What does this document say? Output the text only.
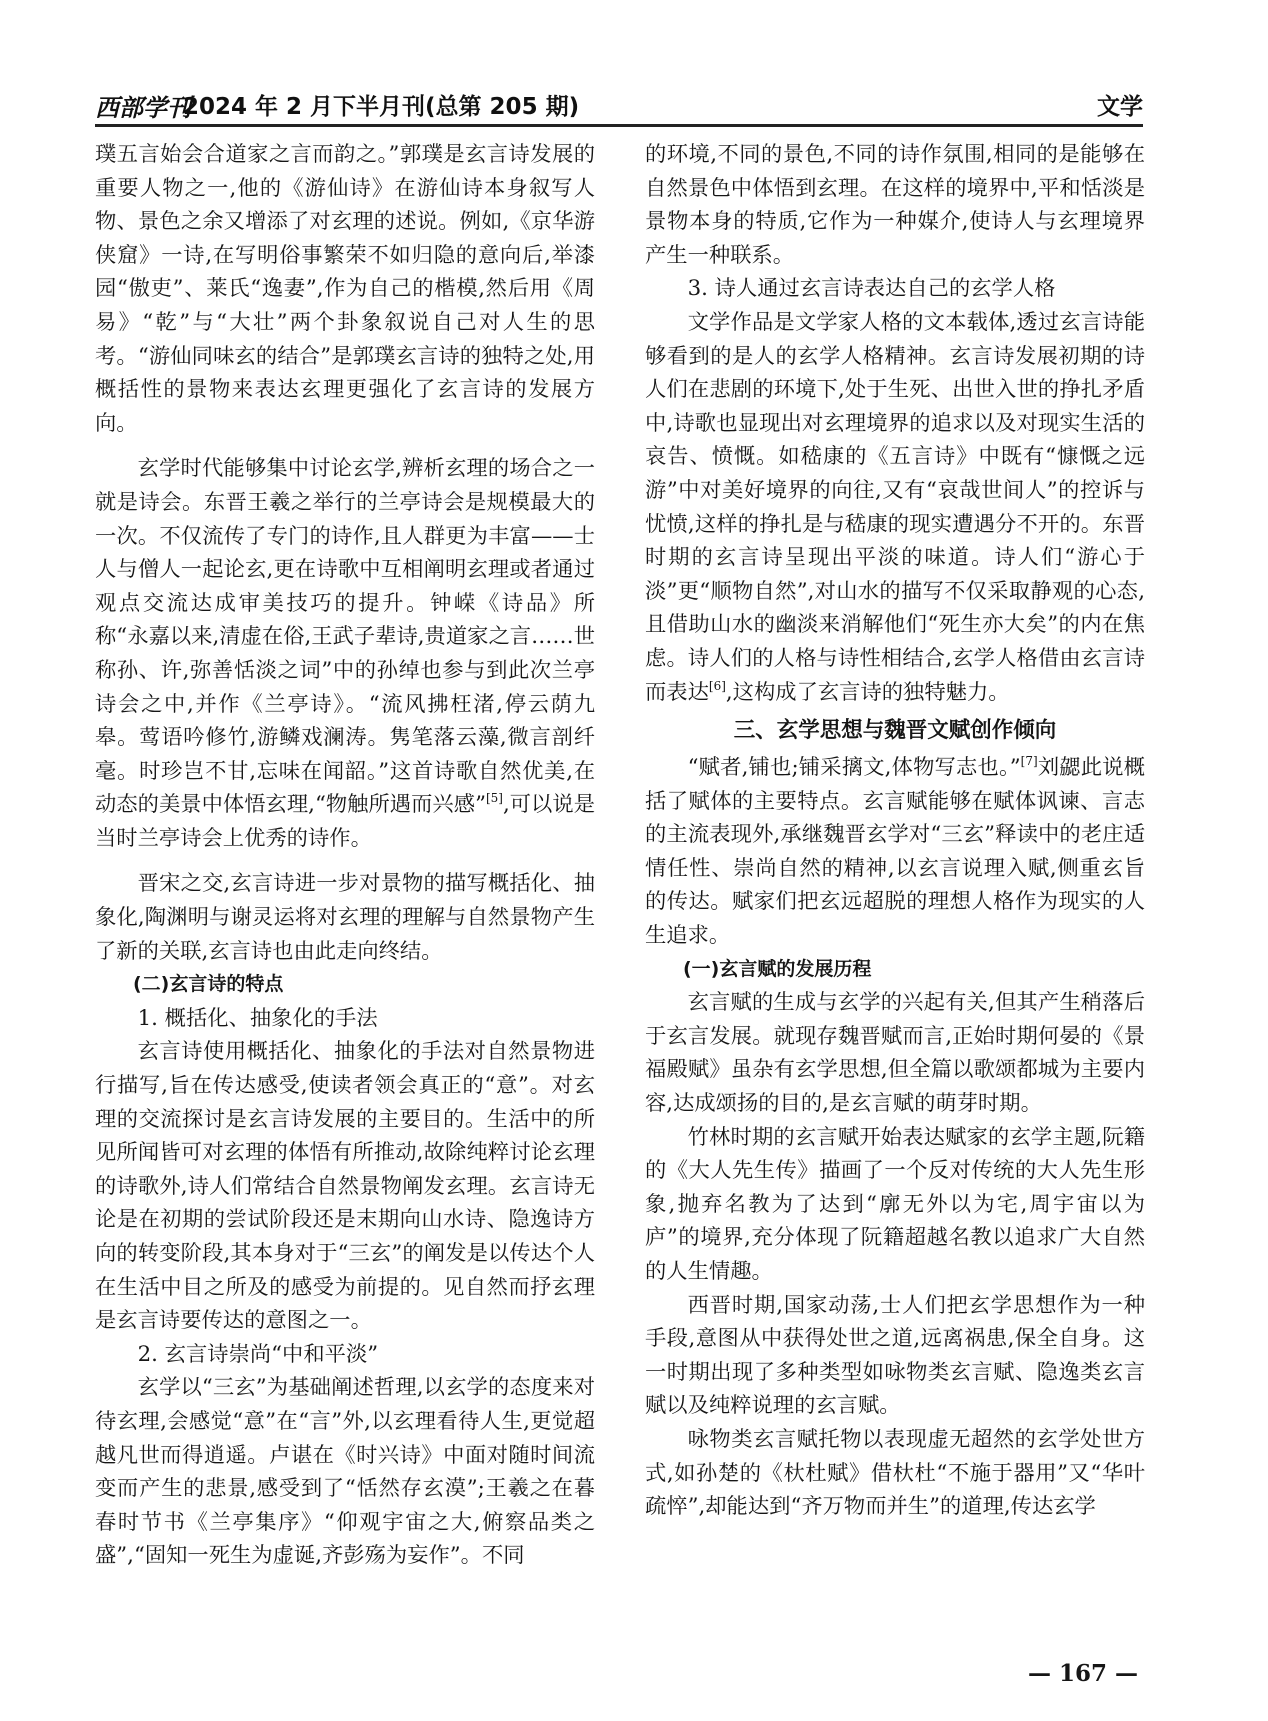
西部学刊
2024 年 2 月下半月刊(总第 205 期)	文学

璞五言始会合道家之言而韵之。”郭璞是玄言诗发展的重要人物之一,他的《游仙诗》在游仙诗本身叙写人物、景色之余又增添了对玄理的述说。例如,《京华游侠窟》一诗,在写明俗事繁荣不如归隐的意向后,举漆园“傲吏”、莱氏“逸妻”,作为自己的楷模,然后用《周易》“乾”与“大壮”两个卦象叙说自己对人生的思考。“游仙同味玄的结合”是郭璞玄言诗的独特之处,用概括性的景物来表达玄理更强化了玄言诗的发展方向。

玄学时代能够集中讨论玄学,辨析玄理的场合之一就是诗会。东晋王羲之举行的兰亭诗会是规模最大的一次。不仅流传了专门的诗作,且人群更为丰富——士人与僧人一起论玄,更在诗歌中互相阐明玄理或者通过观点交流达成审美技巧的提升。钟嵘《诗品》所称“永嘉以来,清虚在俗,王武子辈诗,贵道家之言……世称孙、许,弥善恬淡之词”中的孙绰也参与到此次兰亭诗会之中,并作《兰亭诗》。“流风拂枉渚,停云荫九皋。莺语吟修竹,游鳞戏澜涛。隽笔落云藻,微言剖纤毫。时珍岂不甘,忘味在闻韶。”这首诗歌自然优美,在动态的美景中体悟玄理,“物触所遇而兴感”[5],可以说是当时兰亭诗会上优秀的诗作。

晋宋之交,玄言诗进一步对景物的描写概括化、抽象化,陶渊明与谢灵运将对玄理的理解与自然景物产生了新的关联,玄言诗也由此走向终结。

(二)玄言诗的特点

1. 概括化、抽象化的手法

玄言诗使用概括化、抽象化的手法对自然景物进行描写,旨在传达感受,使读者领会真正的“意”。对玄理的交流探讨是玄言诗发展的主要目的。生活中的所见所闻皆可对玄理的体悟有所推动,故除纯粹讨论玄理的诗歌外,诗人们常结合自然景物阐发玄理。玄言诗无论是在初期的尝试阶段还是末期向山水诗、隐逸诗方向的转变阶段,其本身对于“三玄”的阐发是以传达个人在生活中目之所及的感受为前提的。见自然而抒玄理是玄言诗要传达的意图之一。

2. 玄言诗崇尚“中和平淡”

玄学以“三玄”为基础阐述哲理,以玄学的态度来对待玄理,会感觉“意”在“言”外,以玄理看待人生,更觉超越凡世而得逍遥。卢谌在《时兴诗》中面对随时间流变而产生的悲景,感受到了“恬然存玄漠”;王羲之在暮春时节书《兰亭集序》“仰观宇宙之大,俯察品类之盛”,“固知一死生为虚诞,齐彭殇为妄作”。不同

的环境,不同的景色,不同的诗作氛围,相同的是能够在自然景色中体悟到玄理。在这样的境界中,平和恬淡是景物本身的特质,它作为一种媒介,使诗人与玄理境界产生一种联系。

3. 诗人通过玄言诗表达自己的玄学人格

文学作品是文学家人格的文本载体,透过玄言诗能够看到的是人的玄学人格精神。玄言诗发展初期的诗人们在悲剧的环境下,处于生死、出世入世的挣扎矛盾中,诗歌也显现出对玄理境界的追求以及对现实生活的哀告、愤慨。如嵇康的《五言诗》中既有“慷慨之远游”中对美好境界的向往,又有“哀哉世间人”的控诉与忧愤,这样的挣扎是与嵇康的现实遭遇分不开的。东晋时期的玄言诗呈现出平淡的味道。诗人们“游心于淡”更“顺物自然”,对山水的描写不仅采取静观的心态,且借助山水的幽淡来消解他们“死生亦大矣”的内在焦虑。诗人们的人格与诗性相结合,玄学人格借由玄言诗而表达[6],这构成了玄言诗的独特魅力。

三、玄学思想与魏晋文赋创作倾向

“赋者,铺也;铺采摛文,体物写志也。”[7]刘勰此说概括了赋体的主要特点。玄言赋能够在赋体讽谏、言志的主流表现外,承继魏晋玄学对“三玄”释读中的老庄适情任性、崇尚自然的精神,以玄言说理入赋,侧重玄旨的传达。赋家们把玄远超脱的理想人格作为现实的人生追求。

(一)玄言赋的发展历程

玄言赋的生成与玄学的兴起有关,但其产生稍落后于玄言发展。就现存魏晋赋而言,正始时期何晏的《景福殿赋》虽杂有玄学思想,但全篇以歌颂都城为主要内容,达成颂扬的目的,是玄言赋的萌芽时期。

竹林时期的玄言赋开始表达赋家的玄学主题,阮籍的《大人先生传》描画了一个反对传统的大人先生形象,抛弃名教为了达到“廓无外以为宅,周宇宙以为庐”的境界,充分体现了阮籍超越名教以追求广大自然的人生情趣。

西晋时期,国家动荡,士人们把玄学思想作为一种手段,意图从中获得处世之道,远离祸患,保全自身。这一时期出现了多种类型如咏物类玄言赋、隐逸类玄言赋以及纯粹说理的玄言赋。

咏物类玄言赋托物以表现虚无超然的玄学处世方式,如孙楚的《杕杜赋》借杕杜“不施于器用”又“华叶疏悴”,却能达到“齐万物而并生”的道理,传达玄学

— 167 —
